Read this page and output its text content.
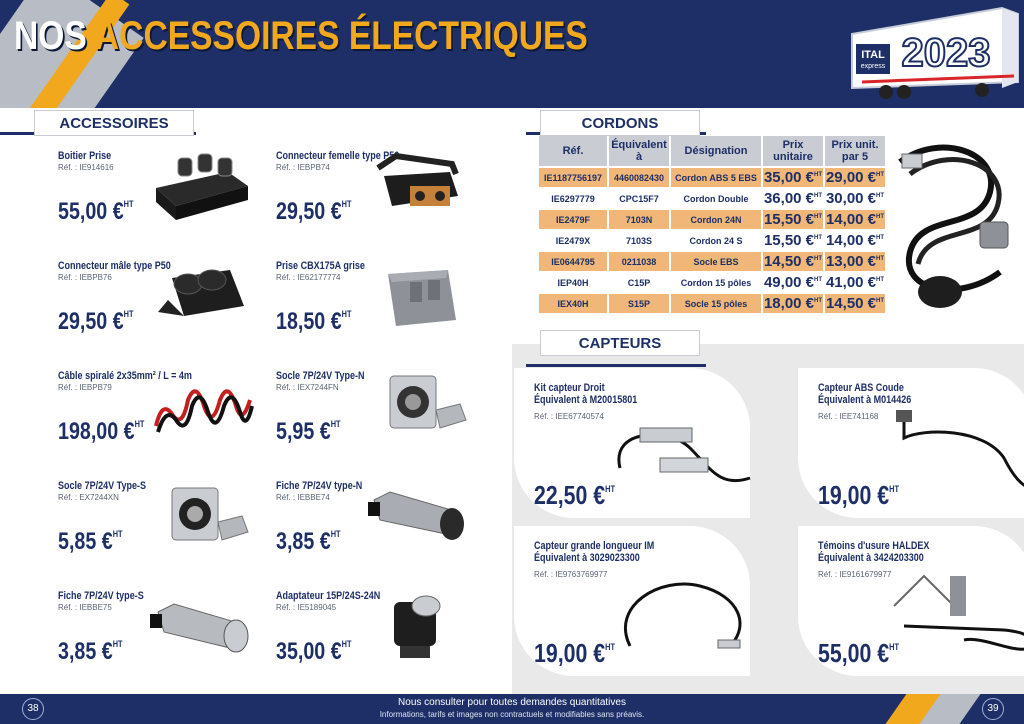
NOS ACCESSOIRES ÉLECTRIQUES	ITAL
express 2023
ACCESSOIRES
Boitier Prise
Réf. : IE914616
55,00 €$^{HT}$
Connecteur femelle type P50
Réf. : IEBPB74
29,50 €$^{HT}$
Connecteur mâle type P50
Réf. : IEBPB76
29,50 €$^{HT}$
Prise CBX175A grise
Réf. : IE62177774
18,50 €$^{HT}$
Câble spiralé 2x35mm² / L = 4m
Réf. : IEBPB79
198,00 €$^{HT}$
Socle 7P/24V Type-N
Réf. : IEX7244FN
5,95 €$^{HT}$
Socle 7P/24V Type-S
Réf. : EX7244XN
5,85 €$^{HT}$
Fiche 7P/24V type-N
Réf. : IEBBE74
3,85 €$^{HT}$
Fiche 7P/24V type-S
Réf. : IEBBE75
3,85 €$^{HT}$
Adaptateur 15P/24S-24N
Réf. : IE5189045
35,00 €$^{HT}$
CORDONS
Réf.	Équivalent à	Désignation	Prix unitaire	Prix unit. par 5
IE1187756197	4460082430	Cordon ABS 5 EBS	35,00 €$^{HT}$	29,00 €$^{HT}$
IE6297779	CPC15F7	Cordon Double	36,00 €$^{HT}$	30,00 €$^{HT}$
IE2479F	7103N	Cordon 24N	15,50 €$^{HT}$	14,00 €$^{HT}$
IE2479X	7103S	Cordon 24 S	15,50 €$^{HT}$	14,00 €$^{HT}$
IE0644795	0211038	Socle EBS	14,50 €$^{HT}$	13,00 €$^{HT}$
IEP40H	C15P	Cordon 15 pôles	49,00 €$^{HT}$	41,00 €$^{HT}$
IEX40H	S15P	Socle 15 pôles	18,00 €$^{HT}$	14,50 €$^{HT}$
CAPTEURS
Kit capteur Droit
Équivalent à M20015801
Réf. : IEE67740574
22,50 €$^{HT}$
Capteur ABS Coude
Équivalent à M014426
Réf. : IEE741168
19,00 €$^{HT}$
Capteur grande longueur IM
Équivalent à 3029023300
Réf. : IE9763769977
19,00 €$^{HT}$
Témoins d'usure HALDEX
Équivalent à 3424203300
Réf. : IE9161679977
55,00 €$^{HT}$
38
Nous consulter pour toutes demandes quantitatives
Informations, tarifs et images non contractuels et modifiables sans préavis.
39
